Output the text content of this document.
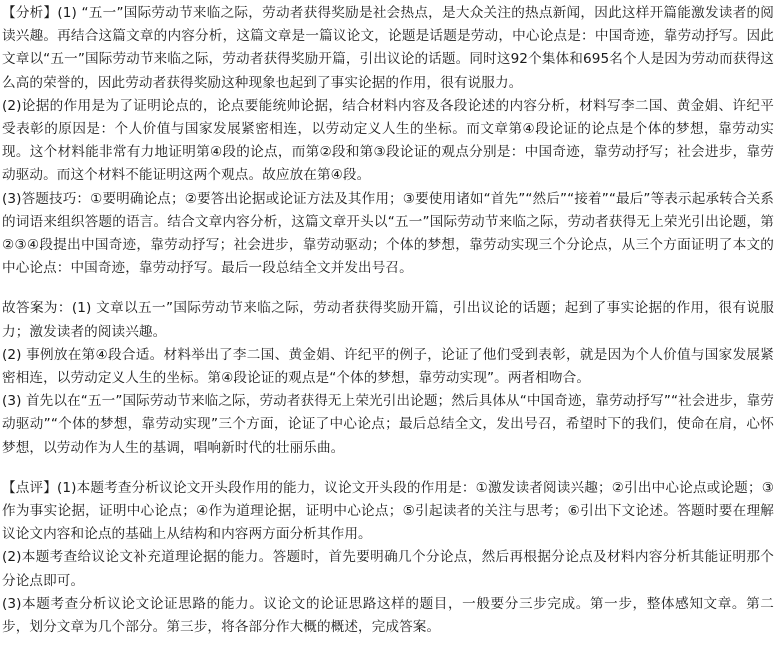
【分析】(1) “五一”国际劳动节来临之际，劳动者获得奖励是社会热点，是大众关注的热点新闻，因此这样开篇能激发读者的阅读兴趣。再结合这篇文章的内容分析，这篇文章是一篇议论文，论题是话题是劳动，中心论点是：中国奇迹，靠劳动抒写。因此文章以“五一”国际劳动节来临之际，劳动者获得奖励开篇，引出议论的话题。同时这92个集体和695名个人是因为劳动而获得这么高的荣誉的，因此劳动者获得奖励这种现象也起到了事实论据的作用，很有说服力。

(2)论据的作用是为了证明论点的，论点要能统帅论据，结合材料内容及各段论述的内容分析，材料写李二国、黄金娟、许纪平受表彰的原因是：个人价值与国家发展紧密相连，以劳动定义人生的坐标。而文章第④段论证的论点是个体的梦想，靠劳动实现。这个材料能非常有力地证明第④段的论点，而第②段和第③段论证的观点分别是：中国奇迹，靠劳动抒写；社会进步，靠劳动驱动。而这个材料不能证明这两个观点。故应放在第④段。

(3)答题技巧：①要明确论点；②要答出论据或论证方法及其作用；③要使用诸如“首先”“然后”“接着”“最后”等表示起承转合关系的词语来组织答题的语言。结合文章内容分析，这篇文章开头以“五一”国际劳动节来临之际，劳动者获得无上荣光引出论题，第②③④段提出中国奇迹，靠劳动抒写；社会进步，靠劳动驱动；个体的梦想，靠劳动实现三个分论点，从三个方面证明了本文的中心论点：中国奇迹，靠劳动抒写。最后一段总结全文并发出号召。

故答案为：(1) 文章以五一”国际劳动节来临之际，劳动者获得奖励开篇，引出议论的话题；起到了事实论据的作用，很有说服力；激发读者的阅读兴趣。

(2) 事例放在第④段合适。材料举出了李二国、黄金娟、许纪平的例子，论证了他们受到表彰，就是因为个人价值与国家发展紧密相连，以劳动定义人生的坐标。第④段论证的观点是“个体的梦想，靠劳动实现”。两者相吻合。

(3) 首先以在“五一”国际劳动节来临之际，劳动者获得无上荣光引出论题；然后具体从“中国奇迹，靠劳动抒写”“社会进步，靠劳动驱动”“个体的梦想，靠劳动实现”三个方面，论证了中心论点；最后总结全文，发出号召，希望时下的我们，使命在肩，心怀梦想，以劳动作为人生的基调，唱响新时代的壮丽乐曲。

【点评】(1)本题考查分析议论文开头段作用的能力，议论文开头段的作用是：①激发读者阅读兴趣；②引出中心论点或论题；③作为事实论据，证明中心论点；④作为道理论据，证明中心论点；⑤引起读者的关注与思考；⑥引出下文论述。答题时要在理解议论文内容和论点的基础上从结构和内容两方面分析其作用。

(2)本题考查给议论文补充道理论据的能力。答题时，首先要明确几个分论点，然后再根据分论点及材料内容分析其能证明那个分论点即可。

(3)本题考查分析议论文论证思路的能力。议论文的论证思路这样的题目，一般要分三步完成。第一步，整体感知文章。第二步，划分文章为几个部分。第三步，将各部分作大概的概述，完成答案。
